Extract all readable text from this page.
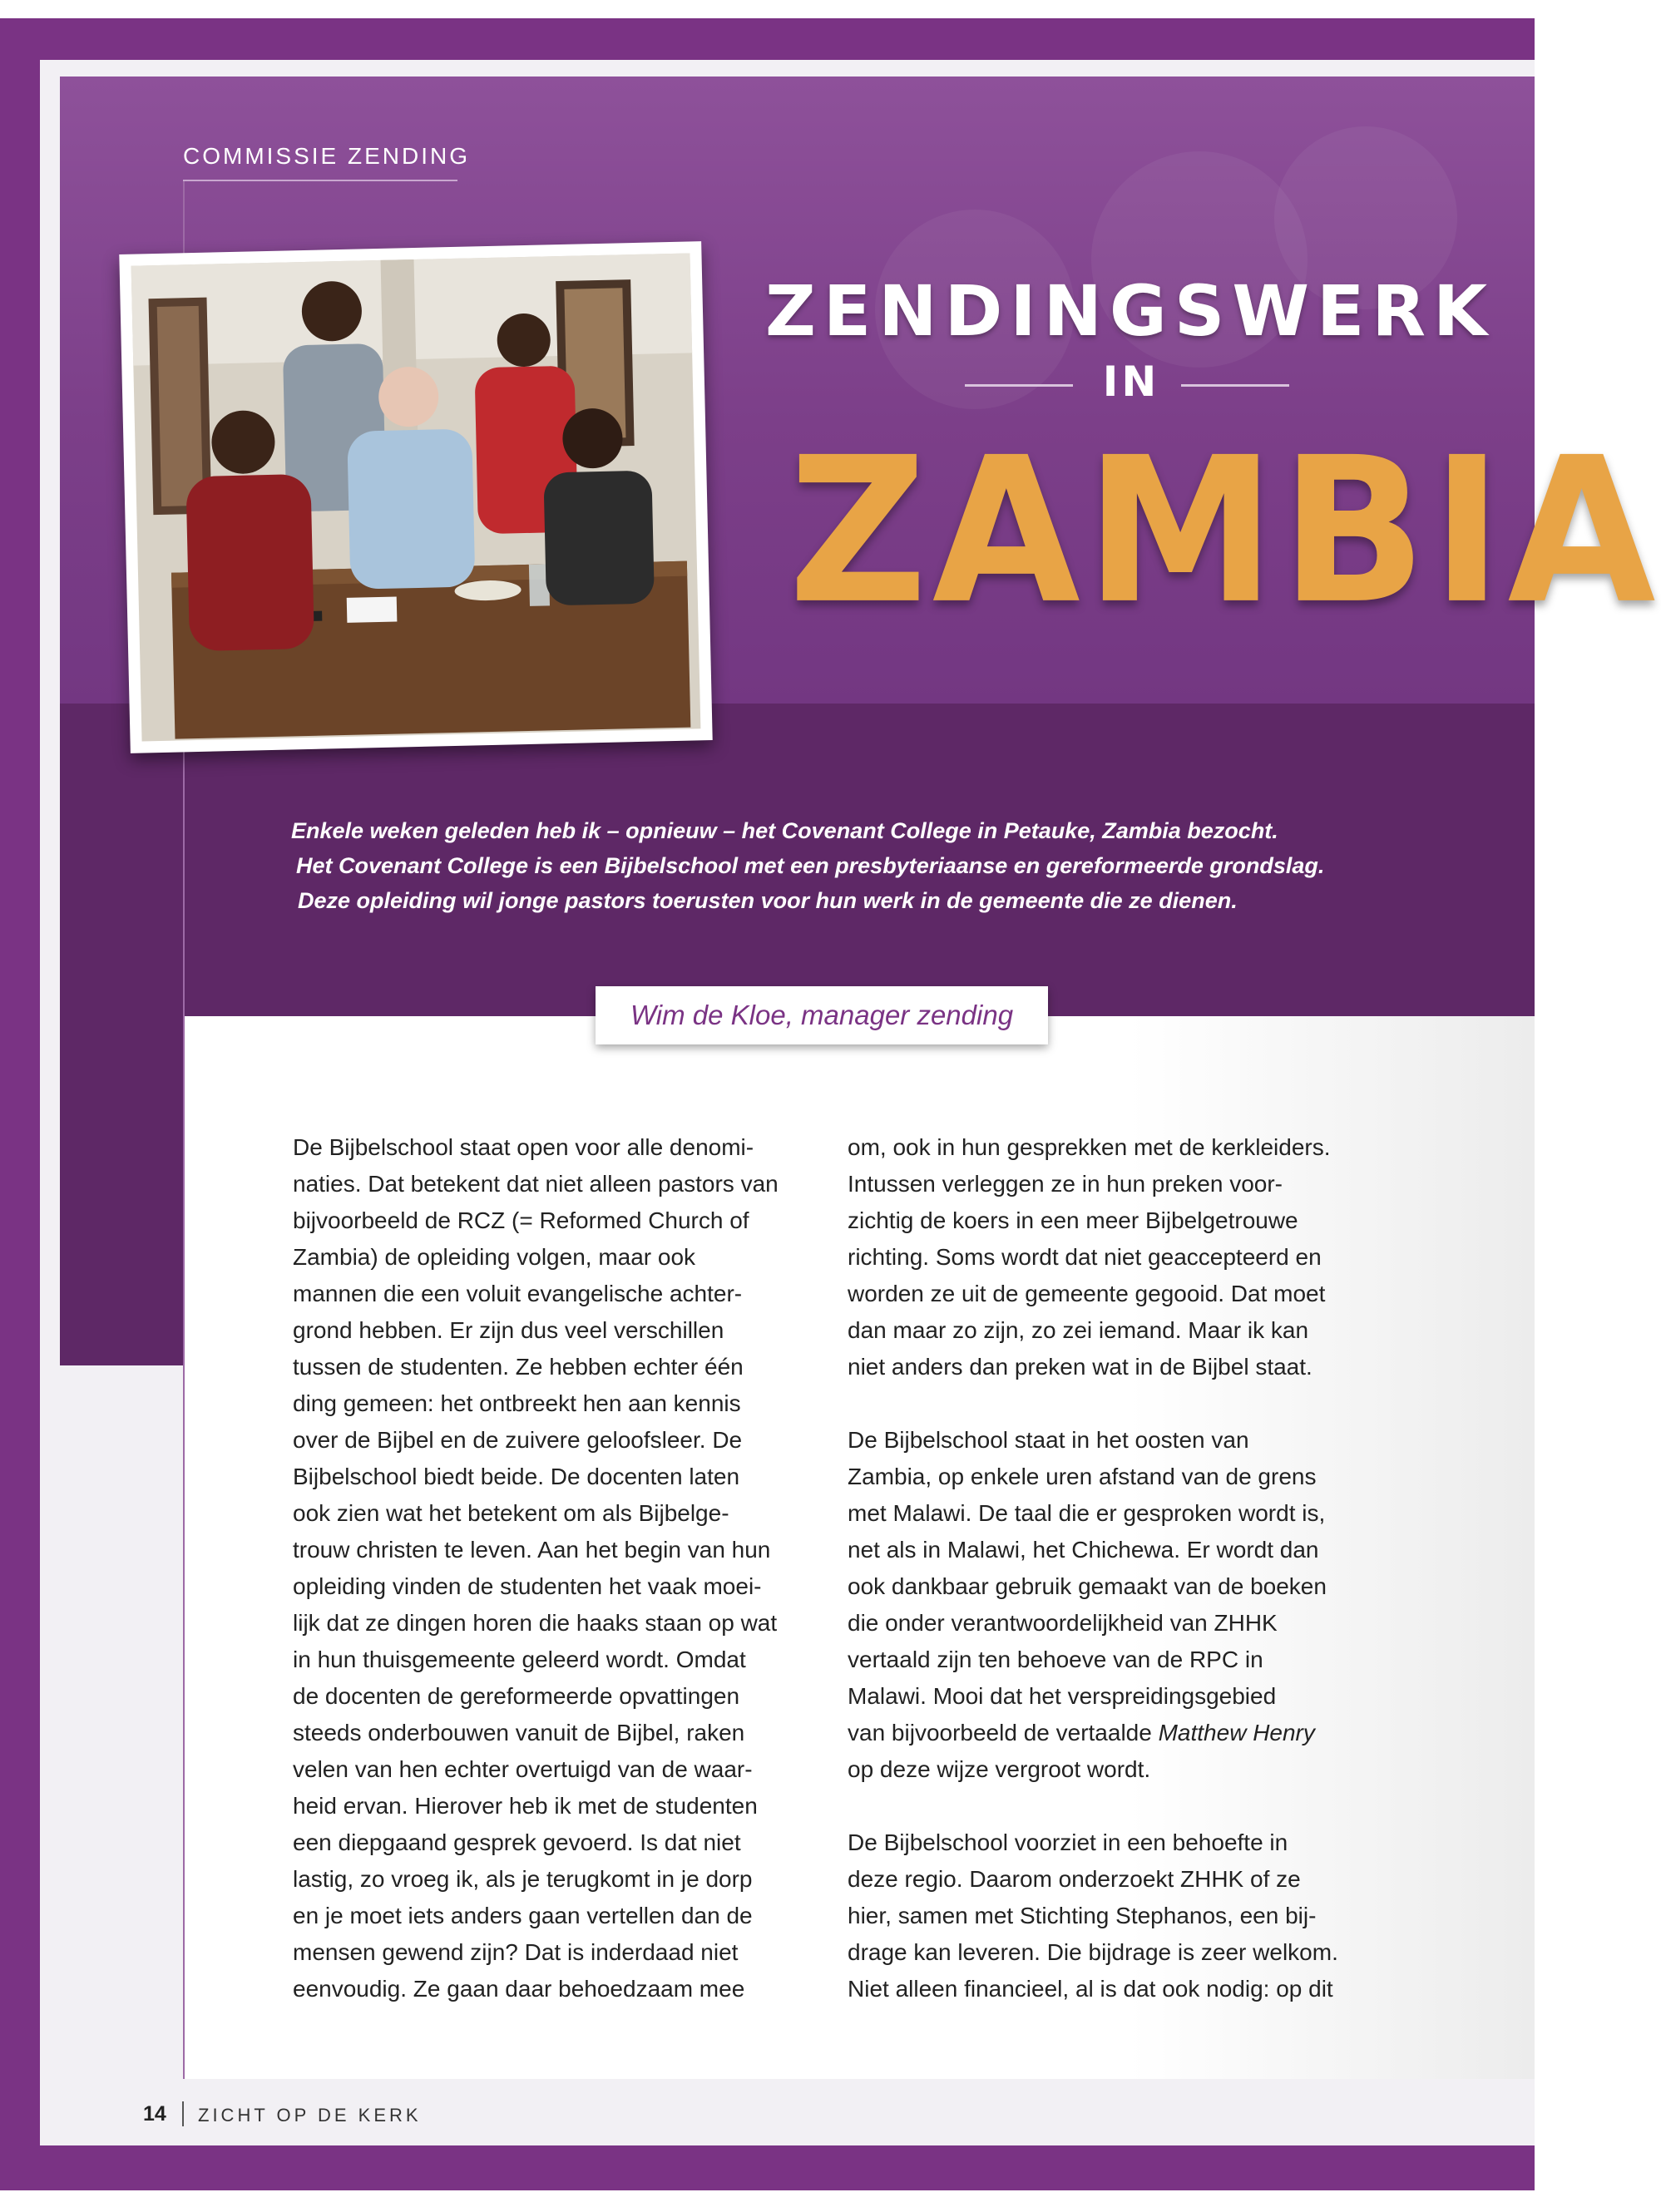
COMMISSIE ZENDING
ZENDINGSWERK
IN
ZAMBIA

Enkele weken geleden heb ik – opnieuw – het Covenant College in Petauke, Zambia bezocht.

Het Covenant College is een Bijbelschool met een presbyteriaanse en gereformeerde grondslag.

Deze opleiding wil jonge pastors toerusten voor hun werk in de gemeente die ze dienen.

Wim de Kloe, manager zending
De Bijbelschool staat open voor alle denomi-
naties. Dat betekent dat niet alleen pastors van
bijvoorbeeld de RCZ (= Reformed Church of
Zambia) de opleiding volgen, maar ook
mannen die een voluit evangelische achter-
grond hebben. Er zijn dus veel verschillen
tussen de studenten. Ze hebben echter één
ding gemeen: het ontbreekt hen aan kennis
over de Bijbel en de zuivere geloofsleer. De
Bijbelschool biedt beide. De docenten laten
ook zien wat het betekent om als Bijbelge-
trouw christen te leven. Aan het begin van hun
opleiding vinden de studenten het vaak moei-
lijk dat ze dingen horen die haaks staan op wat
in hun thuisgemeente geleerd wordt. Omdat
de docenten de gereformeerde opvattingen
steeds onderbouwen vanuit de Bijbel, raken
velen van hen echter overtuigd van de waar-
heid ervan. Hierover heb ik met de studenten
een diepgaand gesprek gevoerd. Is dat niet
lastig, zo vroeg ik, als je terugkomt in je dorp
en je moet iets anders gaan vertellen dan de
mensen gewend zijn? Dat is inderdaad niet
eenvoudig. Ze gaan daar behoedzaam mee
om, ook in hun gesprekken met de kerkleiders.
Intussen verleggen ze in hun preken voor-
zichtig de koers in een meer Bijbelgetrouwe
richting. Soms wordt dat niet geaccepteerd en
worden ze uit de gemeente gegooid. Dat moet
dan maar zo zijn, zo zei iemand. Maar ik kan
niet anders dan preken wat in de Bijbel staat.
De Bijbelschool staat in het oosten van
Zambia, op enkele uren afstand van de grens
met Malawi. De taal die er gesproken wordt is,
net als in Malawi, het Chichewa. Er wordt dan
ook dankbaar gebruik gemaakt van de boeken
die onder verantwoordelijkheid van ZHHK
vertaald zijn ten behoeve van de RPC in
Malawi. Mooi dat het verspreidingsgebied
van bijvoorbeeld de vertaalde Matthew Henry
op deze wijze vergroot wordt.
De Bijbelschool voorziet in een behoefte in
deze regio. Daarom onderzoekt ZHHK of ze
hier, samen met Stichting Stephanos, een bij-
drage kan leveren. Die bijdrage is zeer welkom.
Niet alleen financieel, al is dat ook nodig: op dit
14 ZICHT OP DE KERK
